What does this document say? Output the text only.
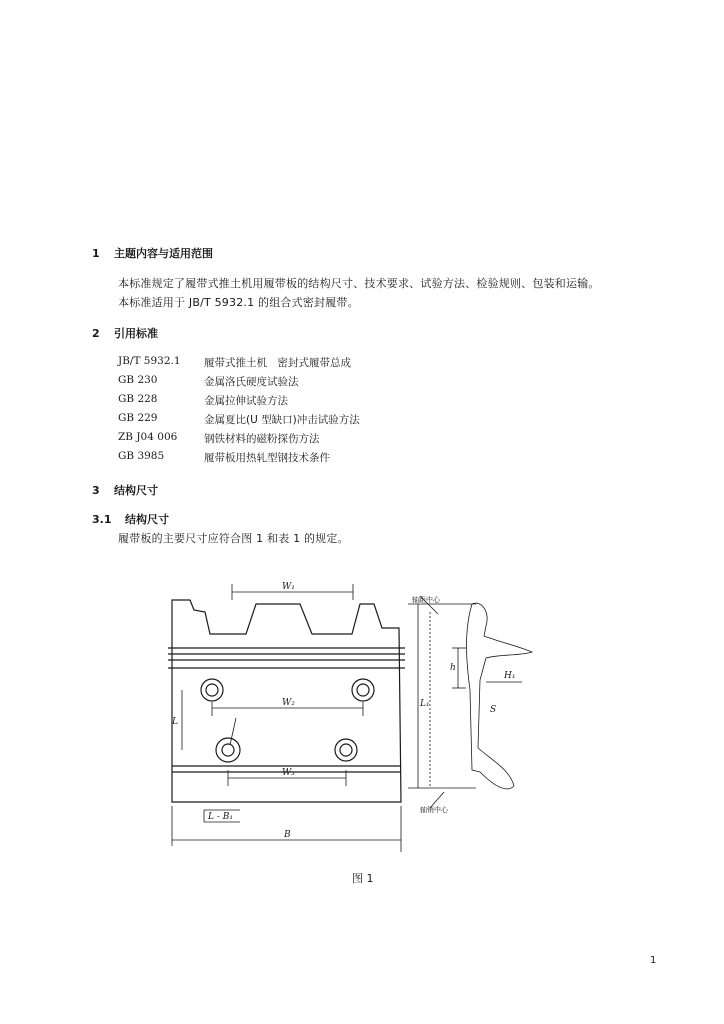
1 主题内容与适用范围
本标准规定了履带式推土机用履带板的结构尺寸、技术要求、试验方法、检验规则、包装和运输。
本标准适用于 JB/T 5932.1 的组合式密封履带。
2 引用标准
JB/T 5932.1 履带式推土机　密封式履带总成
GB 230	金属洛氏硬度试验法
GB 228	金属拉伸试验方法
GB 229	金属夏比(U 型缺口)冲击试验方法
ZB J04 006	钢铁材料的磁粉探伤方法
GB 3985	履带板用热轧型钢技术条件
3 结构尺寸
3.1 结构尺寸
履带板的主要尺寸应符合图 1 和表 1 的规定。
W₁
W₂
W₃
B
L
L - B₁
L₁
h
H₁
S
轴距中心
轴销中心
图 1
1
